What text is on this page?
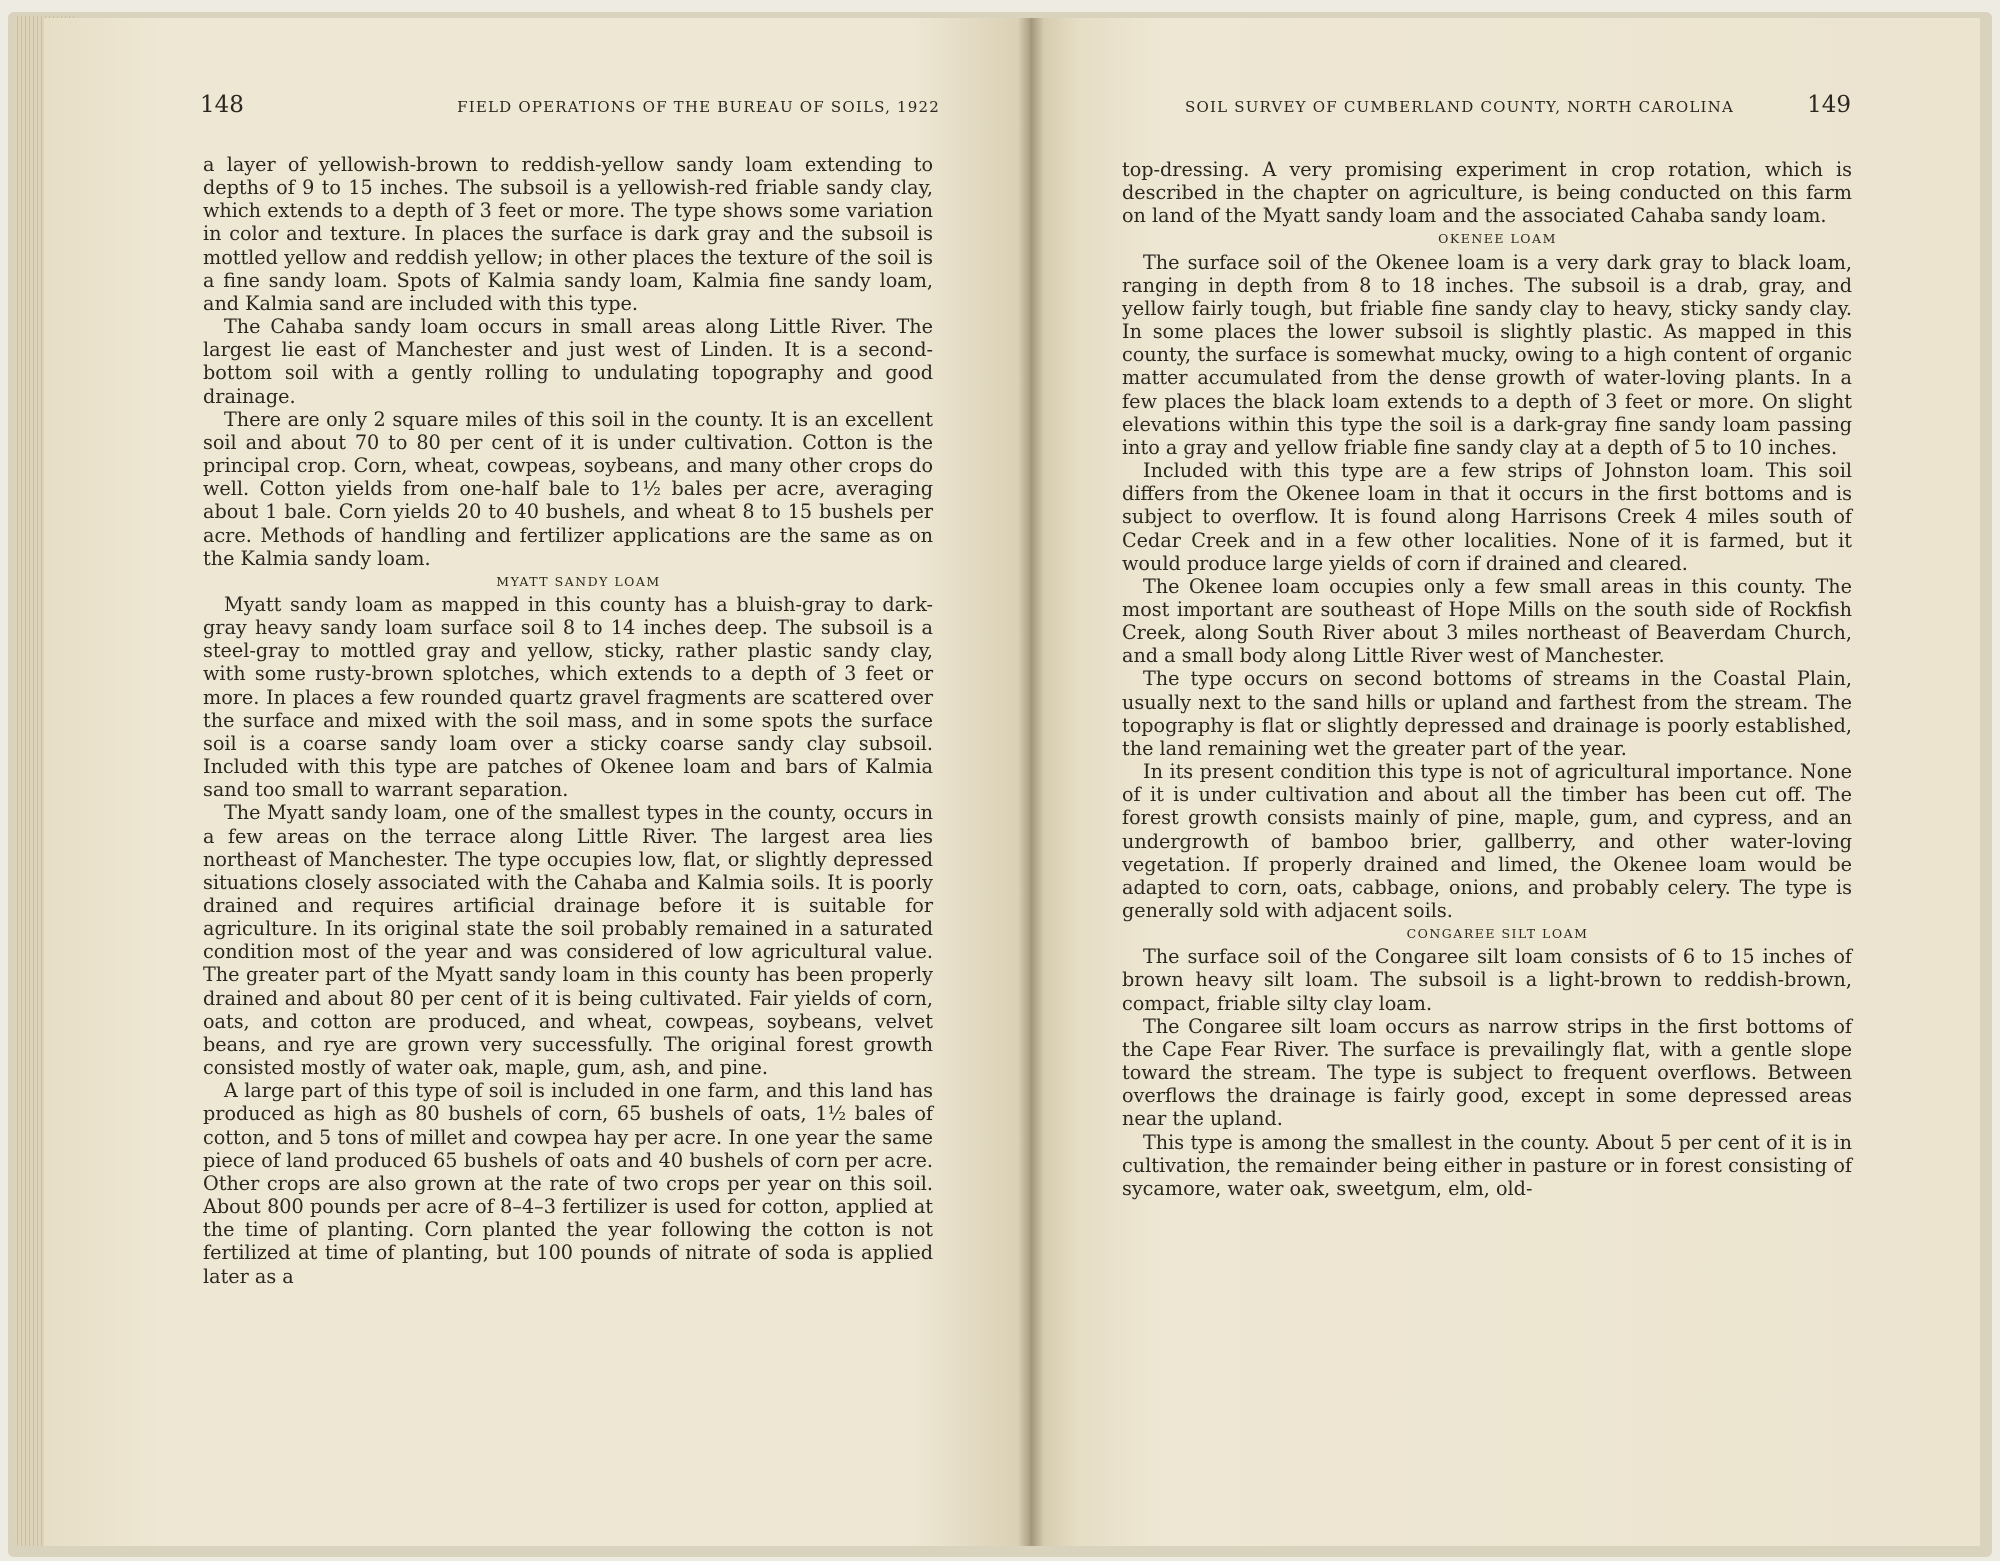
148	FIELD OPERATIONS OF THE BUREAU OF SOILS, 1922	SOIL SURVEY OF CUMBERLAND COUNTY, NORTH CAROLINA	149

a layer of yellowish-brown to reddish-yellow sandy loam extending to depths of 9 to 15 inches. The subsoil is a yellowish-red friable sandy clay, which extends to a depth of 3 feet or more. The type shows some variation in color and texture. In places the surface is dark gray and the subsoil is mottled yellow and reddish yellow; in other places the texture of the soil is a fine sandy loam. Spots of Kalmia sandy loam, Kalmia fine sandy loam, and Kalmia sand are included with this type.

The Cahaba sandy loam occurs in small areas along Little River. The largest lie east of Manchester and just west of Linden. It is a second-bottom soil with a gently rolling to undulating topography and good drainage.

There are only 2 square miles of this soil in the county. It is an excellent soil and about 70 to 80 per cent of it is under cultivation. Cotton is the principal crop. Corn, wheat, cowpeas, soybeans, and many other crops do well. Cotton yields from one-half bale to 1½ bales per acre, averaging about 1 bale. Corn yields 20 to 40 bushels, and wheat 8 to 15 bushels per acre. Methods of handling and fertilizer applications are the same as on the Kalmia sandy loam.

MYATT SANDY LOAM

Myatt sandy loam as mapped in this county has a bluish-gray to dark-gray heavy sandy loam surface soil 8 to 14 inches deep. The subsoil is a steel-gray to mottled gray and yellow, sticky, rather plastic sandy clay, with some rusty-brown splotches, which extends to a depth of 3 feet or more. In places a few rounded quartz gravel fragments are scattered over the surface and mixed with the soil mass, and in some spots the surface soil is a coarse sandy loam over a sticky coarse sandy clay subsoil. Included with this type are patches of Okenee loam and bars of Kalmia sand too small to warrant separation.

The Myatt sandy loam, one of the smallest types in the county, occurs in a few areas on the terrace along Little River. The largest area lies northeast of Manchester. The type occupies low, flat, or slightly depressed situations closely associated with the Cahaba and Kalmia soils. It is poorly drained and requires artificial drainage before it is suitable for agriculture. In its original state the soil probably remained in a saturated condition most of the year and was considered of low agricultural value. The greater part of the Myatt sandy loam in this county has been properly drained and about 80 per cent of it is being cultivated. Fair yields of corn, oats, and cotton are produced, and wheat, cowpeas, soybeans, velvet beans, and rye are grown very successfully. The original forest growth consisted mostly of water oak, maple, gum, ash, and pine.

A large part of this type of soil is included in one farm, and this land has produced as high as 80 bushels of corn, 65 bushels of oats, 1½ bales of cotton, and 5 tons of millet and cowpea hay per acre. In one year the same piece of land produced 65 bushels of oats and 40 bushels of corn per acre. Other crops are also grown at the rate of two crops per year on this soil. About 800 pounds per acre of 8–4–3 fertilizer is used for cotton, applied at the time of planting. Corn planted the year following the cotton is not fertilized at time of planting, but 100 pounds of nitrate of soda is applied later as a

top-dressing. A very promising experiment in crop rotation, which is described in the chapter on agriculture, is being conducted on this farm on land of the Myatt sandy loam and the associated Cahaba sandy loam.

OKENEE LOAM

The surface soil of the Okenee loam is a very dark gray to black loam, ranging in depth from 8 to 18 inches. The subsoil is a drab, gray, and yellow fairly tough, but friable fine sandy clay to heavy, sticky sandy clay. In some places the lower subsoil is slightly plastic. As mapped in this county, the surface is somewhat mucky, owing to a high content of organic matter accumulated from the dense growth of water-loving plants. In a few places the black loam extends to a depth of 3 feet or more. On slight elevations within this type the soil is a dark-gray fine sandy loam passing into a gray and yellow friable fine sandy clay at a depth of 5 to 10 inches.

Included with this type are a few strips of Johnston loam. This soil differs from the Okenee loam in that it occurs in the first bottoms and is subject to overflow. It is found along Harrisons Creek 4 miles south of Cedar Creek and in a few other localities. None of it is farmed, but it would produce large yields of corn if drained and cleared.

The Okenee loam occupies only a few small areas in this county. The most important are southeast of Hope Mills on the south side of Rockfish Creek, along South River about 3 miles northeast of Beaverdam Church, and a small body along Little River west of Manchester.

The type occurs on second bottoms of streams in the Coastal Plain, usually next to the sand hills or upland and farthest from the stream. The topography is flat or slightly depressed and drainage is poorly established, the land remaining wet the greater part of the year.

In its present condition this type is not of agricultural importance. None of it is under cultivation and about all the timber has been cut off. The forest growth consists mainly of pine, maple, gum, and cypress, and an undergrowth of bamboo brier, gallberry, and other water-loving vegetation. If properly drained and limed, the Okenee loam would be adapted to corn, oats, cabbage, onions, and probably celery. The type is generally sold with adjacent soils.

CONGAREE SILT LOAM

The surface soil of the Congaree silt loam consists of 6 to 15 inches of brown heavy silt loam. The subsoil is a light-brown to reddish-brown, compact, friable silty clay loam.

The Congaree silt loam occurs as narrow strips in the first bottoms of the Cape Fear River. The surface is prevailingly flat, with a gentle slope toward the stream. The type is subject to frequent overflows. Between overflows the drainage is fairly good, except in some depressed areas near the upland.

This type is among the smallest in the county. About 5 per cent of it is in cultivation, the remainder being either in pasture or in forest consisting of sycamore, water oak, sweetgum, elm, old-
